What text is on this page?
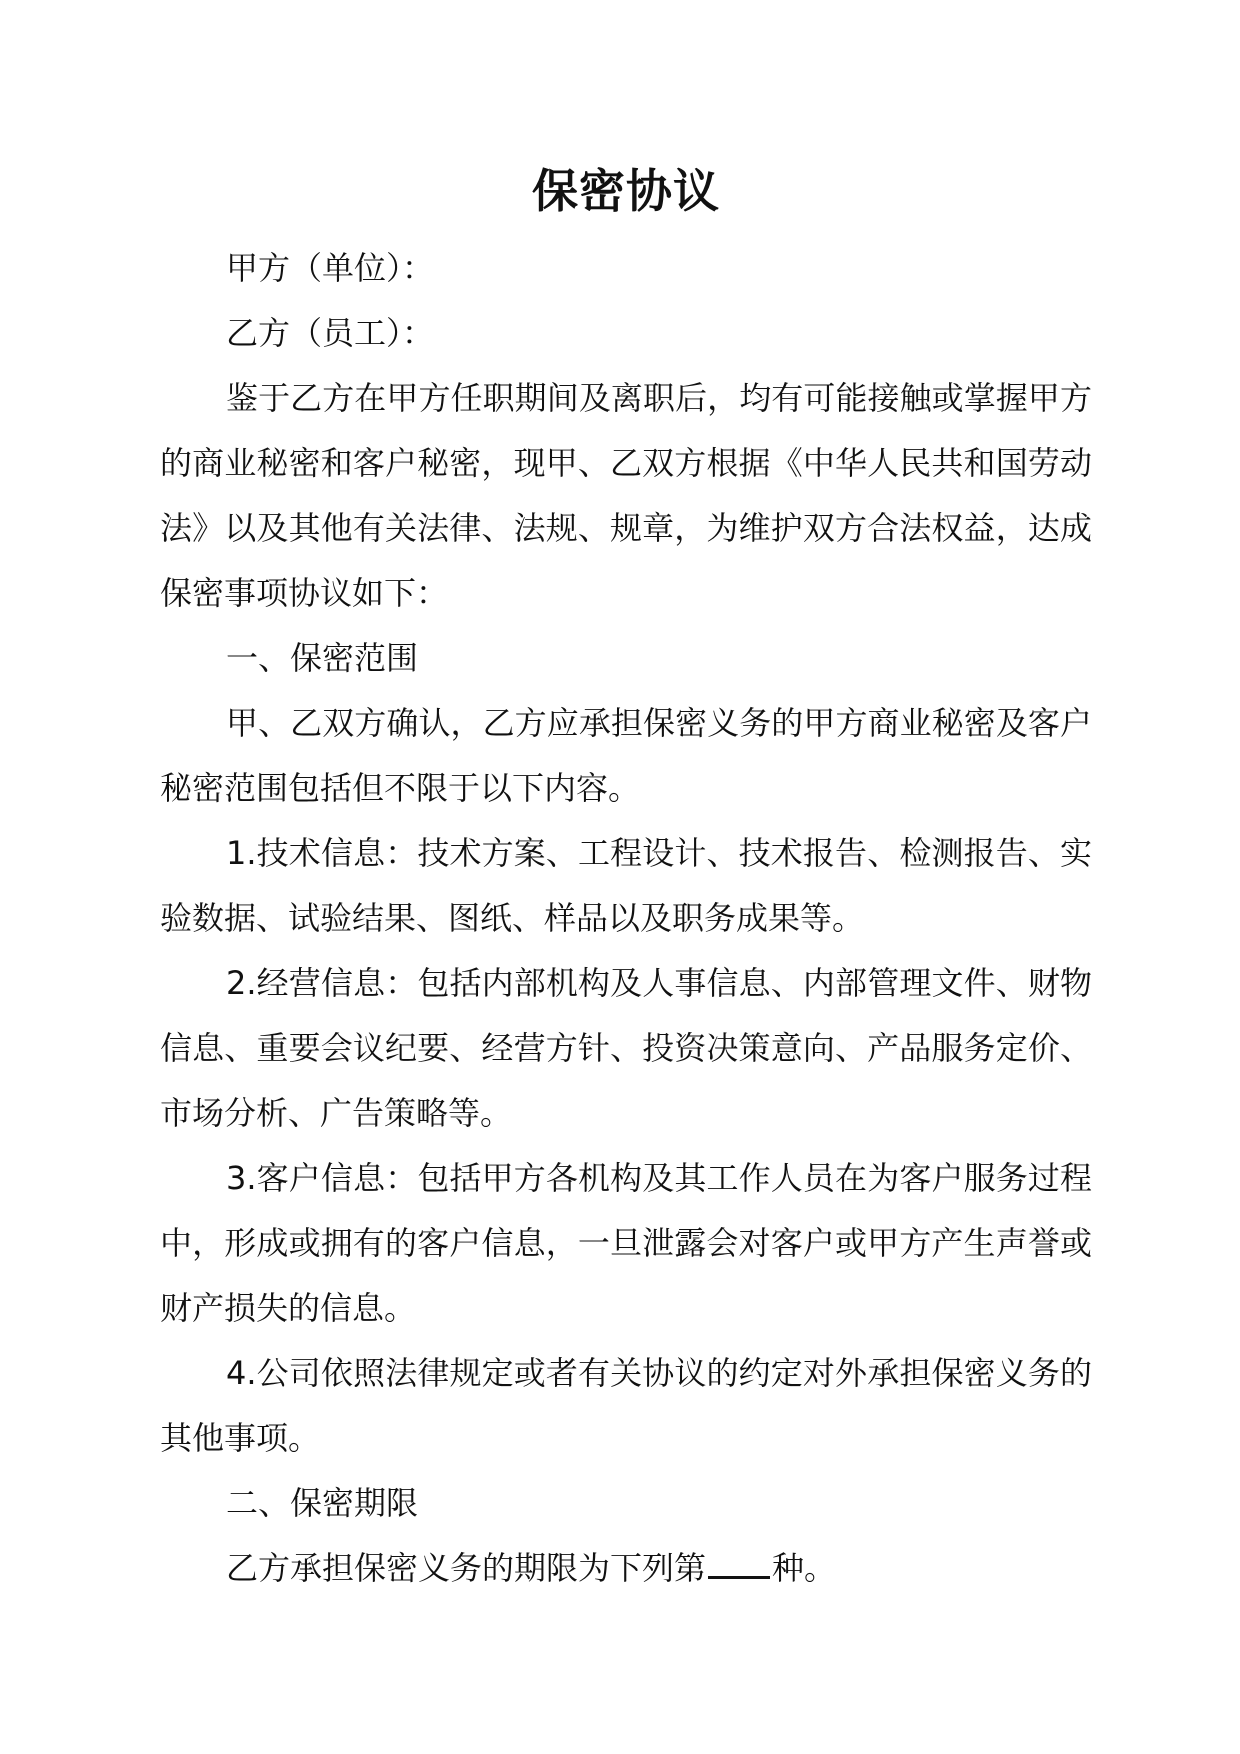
保密协议

甲方（单位）：

乙方（员工）：

鉴于乙方在甲方任职期间及离职后，均有可能接触或掌握甲方的商业秘密和客户秘密，现甲、乙双方根据《中华人民共和国劳动法》以及其他有关法律、法规、规章，为维护双方合法权益，达成保密事项协议如下：

一、保密范围

甲、乙双方确认，乙方应承担保密义务的甲方商业秘密及客户秘密范围包括但不限于以下内容。

1.技术信息：技术方案、工程设计、技术报告、检测报告、实验数据、试验结果、图纸、样品以及职务成果等。

2.经营信息：包括内部机构及人事信息、内部管理文件、财物信息、重要会议纪要、经营方针、投资决策意向、产品服务定价、市场分析、广告策略等。

3.客户信息：包括甲方各机构及其工作人员在为客户服务过程中，形成或拥有的客户信息，一旦泄露会对客户或甲方产生声誉或财产损失的信息。

4.公司依照法律规定或者有关协议的约定对外承担保密义务的其他事项。

二、保密期限

乙方承担保密义务的期限为下列第 种。
